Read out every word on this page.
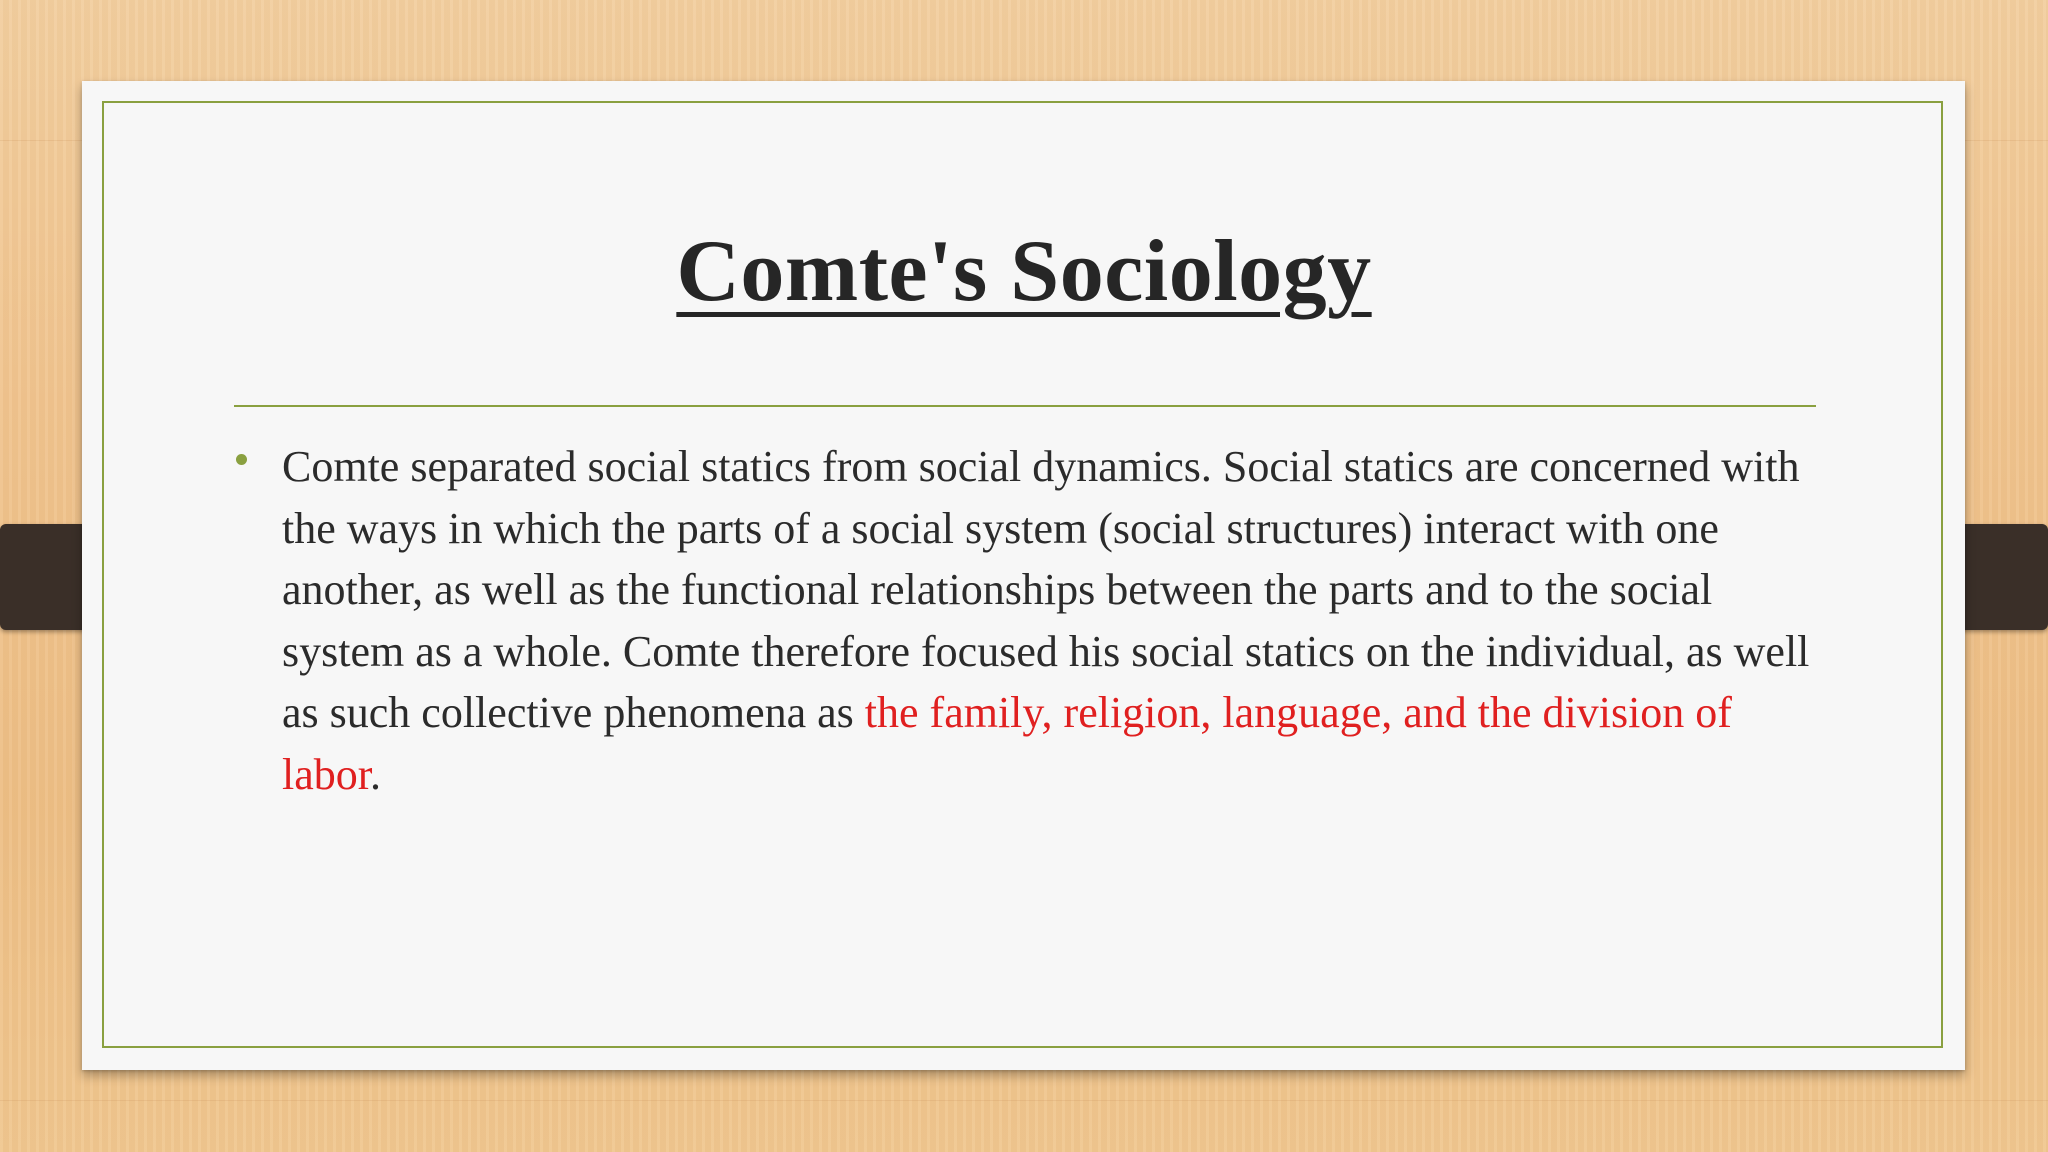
Comte's Sociology

Comte separated social statics from social dynamics. Social statics are concerned with the ways in which the parts of a social system (social structures) interact with one another, as well as the functional relationships between the parts and to the social system as a whole. Comte therefore focused his social statics on the individual, as well as such collective phenomena as the family, religion, language, and the division of labor.
